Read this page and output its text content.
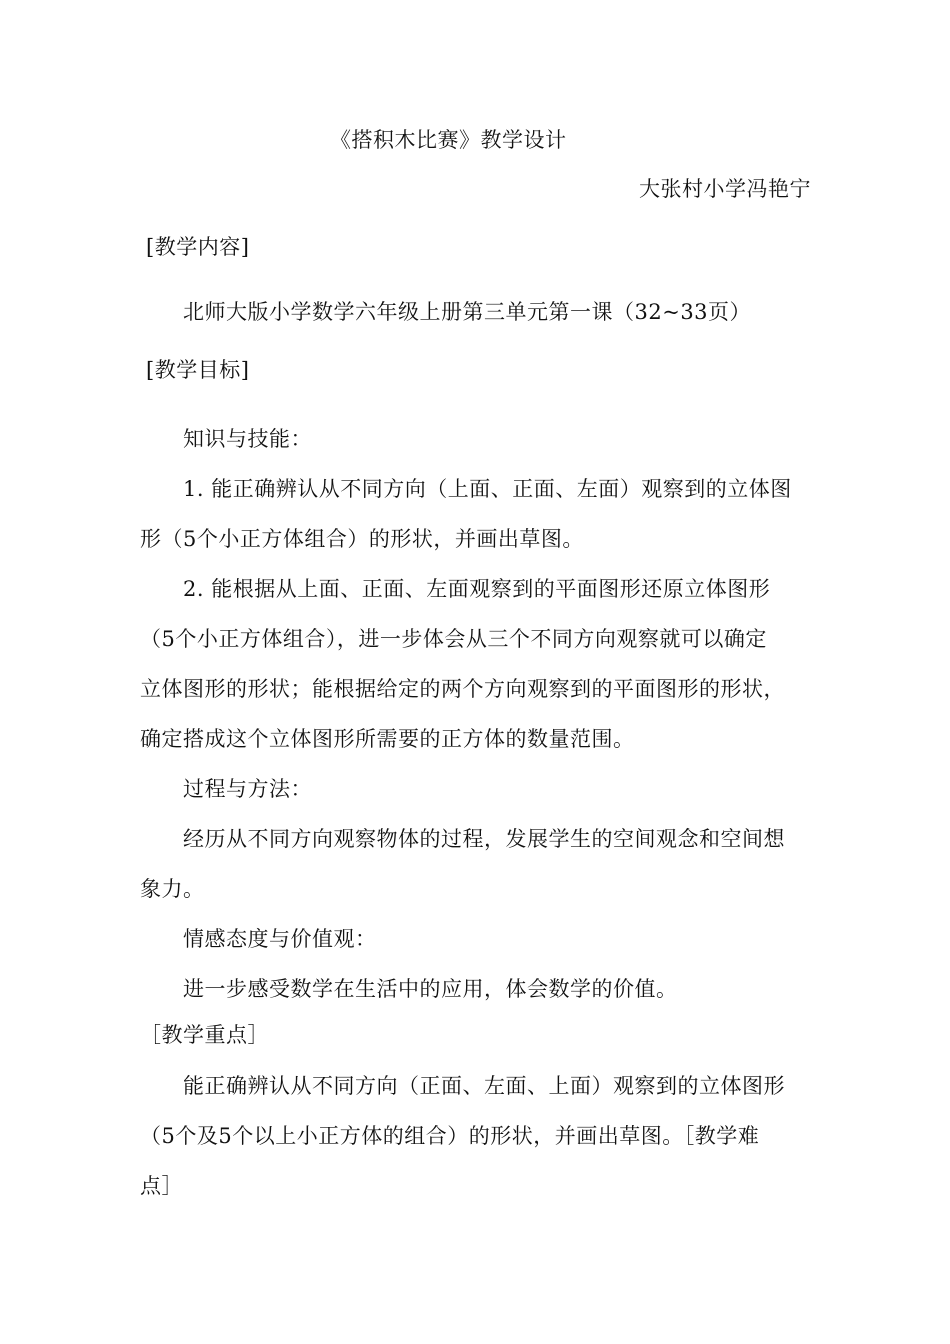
《搭积木比赛》教学设计
大张村小学冯艳宁
[教学内容]
北师大版小学数学六年级上册第三单元第一课（32~33页）
[教学目标]
知识与技能：
1. 能正确辨认从不同方向（上面、正面、左面）观察到的立体图
形（5个小正方体组合）的形状，并画出草图。
2. 能根据从上面、正面、左面观察到的平面图形还原立体图形
（5个小正方体组合），进一步体会从三个不同方向观察就可以确定
立体图形的形状；能根据给定的两个方向观察到的平面图形的形状，
确定搭成这个立体图形所需要的正方体的数量范围。
过程与方法：
经历从不同方向观察物体的过程，发展学生的空间观念和空间想
象力。
情感态度与价值观：
进一步感受数学在生活中的应用，体会数学的价值。
［教学重点］
能正确辨认从不同方向（正面、左面、上面）观察到的立体图形
（5个及5个以上小正方体的组合）的形状，并画出草图。［教学难
点］
